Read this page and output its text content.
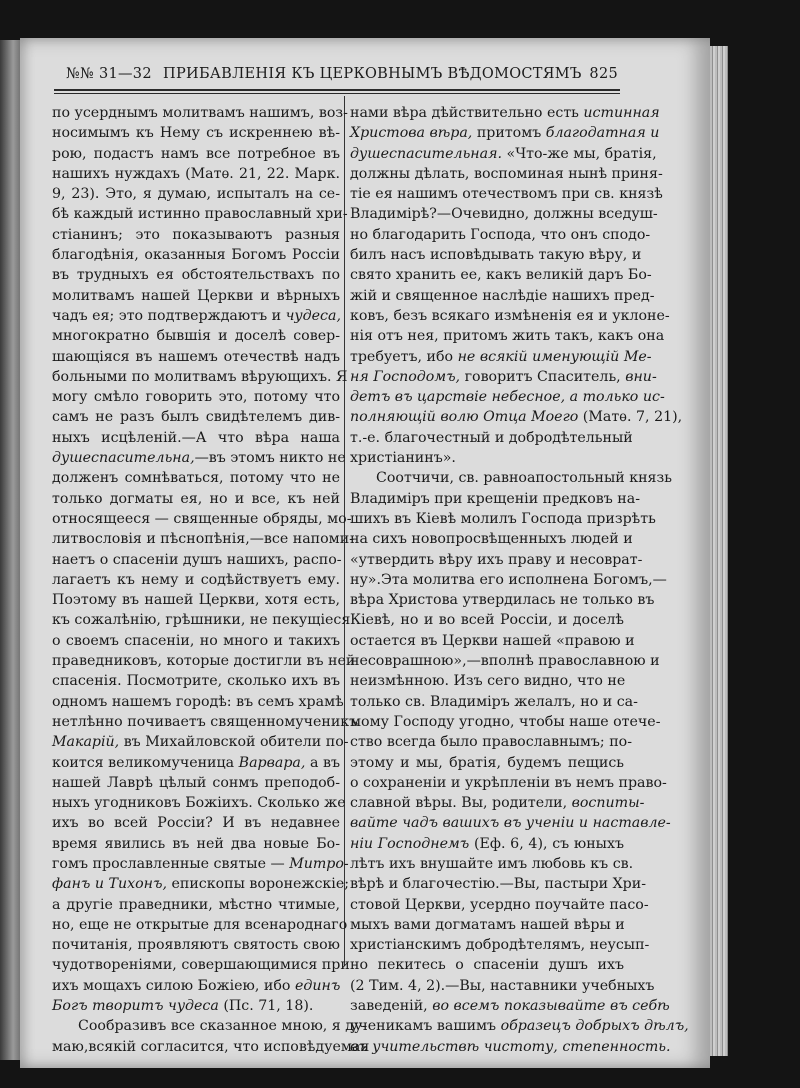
№№ 31—32 ПРИБАВЛЕНІЯ КЪ ЦЕРКОВНЫМЪ ВѢДОМОСТЯМЪ 825
по усерднымъ молитвамъ нашимъ, воз-
носимымъ къ Нему съ искреннею вѣ-
рою, подастъ намъ все потребное въ
нашихъ нуждахъ (Матѳ. 21, 22. Марк.
9, 23). Это, я думаю, испыталъ на се-
бѣ каждый истинно православный хри-
стіанинъ; это показываютъ разныя
благодѣнія, оказанныя Богомъ Россіи
въ трудныхъ ея обстоятельствахъ по
молитвамъ нашей Церкви и вѣрныхъ
чадъ ея; это подтверждаютъ и чудеса,
многократно бывшія и доселѣ совер-
шающіяся въ нашемъ отечествѣ надъ
больными по молитвамъ вѣрующихъ. Я
могу смѣло говорить это, потому что
самъ не разъ былъ свидѣтелемъ див-
ныхъ исцѣленій.—А что вѣра наша
душеспасительна,—въ этомъ никто не
долженъ сомнѣваться, потому что не
только догматы ея, но и все, къ ней
относящееся — священные обряды, мо-
литвословія и пѣснопѣнія,—все напоми-
наетъ о спасеніи душъ нашихъ, распо-
лагаетъ къ нему и содѣйствуетъ ему.
Поэтому въ нашей Церкви, хотя есть,
къ сожалѣнію, грѣшники, не пекущіеся
о своемъ спасеніи, но много и такихъ
праведниковъ, которые достигли въ ней
спасенія. Посмотрите, сколько ихъ въ
одномъ нашемъ городѣ: въ семъ храмѣ
нетлѣнно почиваетъ священномученикъ
Макарій, въ Михайловской обители по-
коится великомученица Варвара, а въ
нашей Лаврѣ цѣлый сонмъ преподоб-
ныхъ угодниковъ Божіихъ. Сколько же
ихъ во всей Россіи? И въ недавнее
время явились въ ней два новые Бо-
гомъ прославленные святые — Митро-
фанъ и Тихонъ, епископы воронежскіе;
а другіе праведники, мѣстно чтимые,
но, еще не открытые для всенароднаго
почитанія, проявляютъ святость свою
чудотвореніями, совершающимися при
ихъ мощахъ силою Божіею, ибо единъ
Богъ творитъ чудеса (Пс. 71, 18).
Сообразивъ все сказанное мною, я ду-
маю,всякій согласится, что исповѣдуемая
нами вѣра дѣйствительно есть истинная
Христова вѣра, притомъ благодатная и
душеспасительная. «Что-же мы, братія,
должны дѣлать, воспоминая нынѣ приня-
тіе ея нашимъ отечествомъ при св. князѣ
Владимірѣ?—Очевидно, должны вседуш-
но благодарить Господа, что онъ сподо-
билъ насъ исповѣдывать такую вѣру, и
свято хранить ее, какъ великій даръ Бо-
жій и священное наслѣдіе нашихъ пред-
ковъ, безъ всякаго измѣненія ея и уклоне-
нія отъ нея, притомъ жить такъ, какъ она
требуетъ, ибо не всякій именующій Ме-
ня Господомъ, говоритъ Спаситель, вни-
детъ въ царствіе небесное, а только ис-
полняющій волю Отца Моего (Матѳ. 7, 21),
т.-е. благочестный и добродѣтельный
христіанинъ».
Соотчичи, св. равноапостольный князь
Владиміръ при крещеніи предковъ на-
шихъ въ Кіевѣ молилъ Господа призрѣть
на сихъ новопросвѣщенныхъ людей и
«утвердить вѣру ихъ праву и несоврат-
ну».Эта молитва его исполнена Богомъ,—
вѣра Христова утвердилась не только въ
Кіевѣ, но и во всей Россіи, и доселѣ
остается въ Церкви нашей «правою и
несоврашною»,—вполнѣ православною и
неизмѣнною. Изъ сего видно, что не
только св. Владиміръ желалъ, но и са-
мому Господу угодно, чтобы наше отече-
ство всегда было православнымъ; по-
этому и мы, братія, будемъ пещись
о сохраненіи и укрѣпленіи въ немъ право-
славной вѣры. Вы, родители, воспиты-
вайте чадъ вашихъ въ ученіи и наставле-
ніи Господнемъ (Еф. 6, 4), съ юныхъ
лѣтъ ихъ внушайте имъ любовь къ св.
вѣрѣ и благочестію.—Вы, пастыри Хри-
стовой Церкви, усердно поучайте пасо-
мыхъ вами догматамъ нашей вѣры и
христіанскимъ добродѣтелямъ, неусып-
но пекитесь о спасеніи душъ ихъ
(2 Тим. 4, 2).—Вы, наставники учебныхъ
заведеній, во всемъ показывайте въ себѣ
ученикамъ вашимъ образецъ добрыхъ дѣлъ,
въ учительствѣ чистоту, степенность.
